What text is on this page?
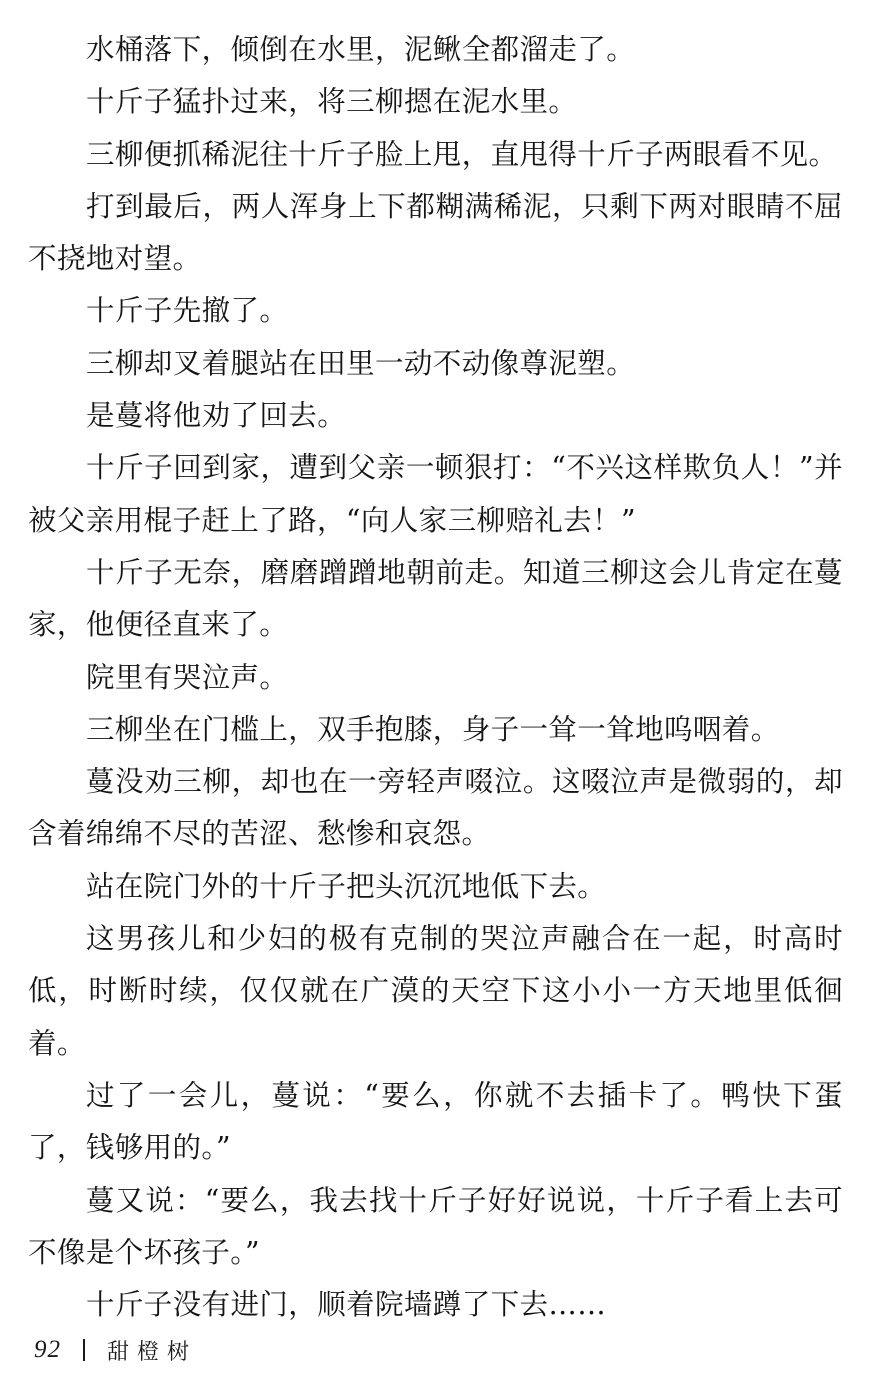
水桶落下，倾倒在水里，泥鳅全都溜走了。

十斤子猛扑过来，将三柳摁在泥水里。

三柳便抓稀泥往十斤子脸上甩，直甩得十斤子两眼看不见。

打到最后，两人浑身上下都糊满稀泥，只剩下两对眼睛不屈不挠地对望。

十斤子先撤了。

三柳却叉着腿站在田里一动不动像尊泥塑。

是蔓将他劝了回去。

十斤子回到家，遭到父亲一顿狠打：“不兴这样欺负人！”并被父亲用棍子赶上了路，“向人家三柳赔礼去！”

十斤子无奈，磨磨蹭蹭地朝前走。知道三柳这会儿肯定在蔓家，他便径直来了。

院里有哭泣声。

三柳坐在门槛上，双手抱膝，身子一耸一耸地呜咽着。

蔓没劝三柳，却也在一旁轻声啜泣。这啜泣声是微弱的，却含着绵绵不尽的苦涩、愁惨和哀怨。

站在院门外的十斤子把头沉沉地低下去。

这男孩儿和少妇的极有克制的哭泣声融合在一起，时高时低，时断时续，仅仅就在广漠的天空下这小小一方天地里低徊着。

过了一会儿，蔓说：“要么，你就不去插卡了。鸭快下蛋了，钱够用的。”

蔓又说：“要么，我去找十斤子好好说说，十斤子看上去可不像是个坏孩子。”

十斤子没有进门，顺着院墙蹲了下去……

92 甜橙树
